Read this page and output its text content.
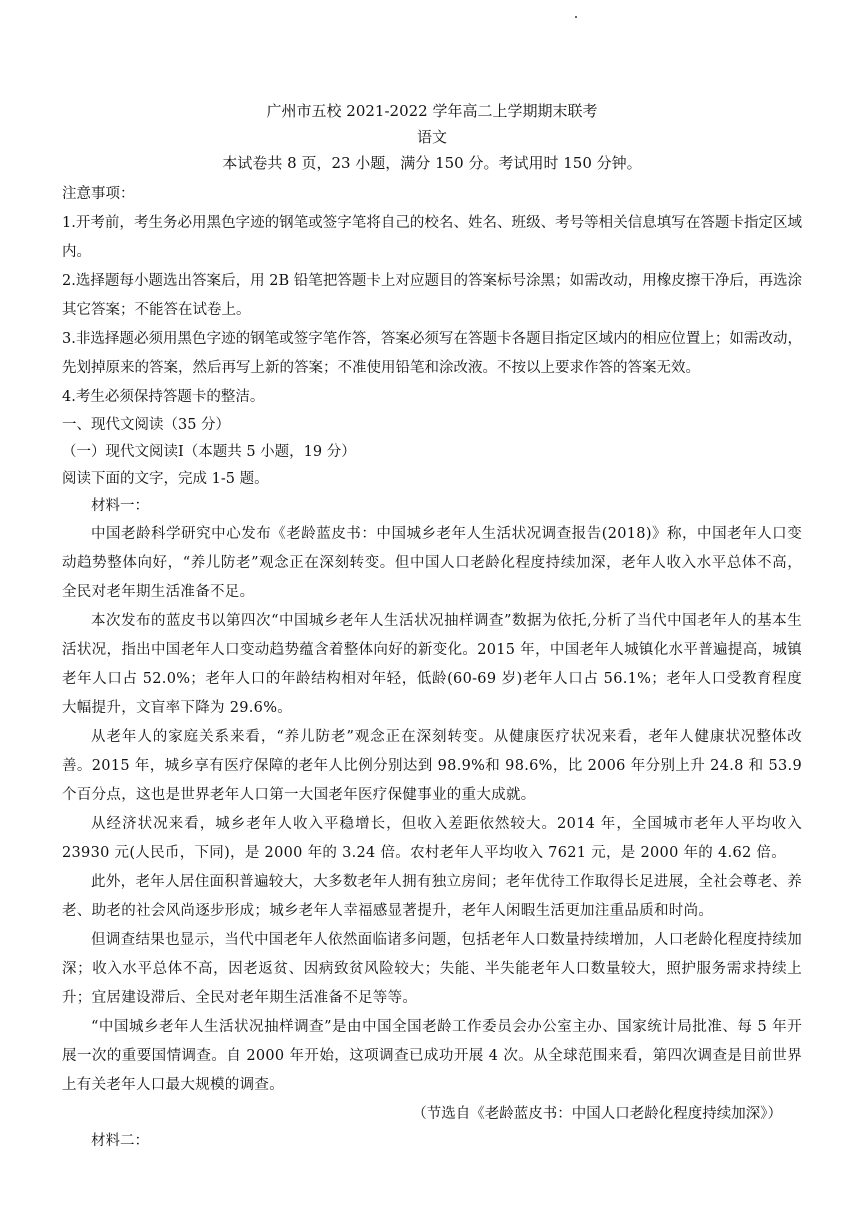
广州市五校 2021-2022 学年高二上学期期末联考
语文
本试卷共 8 页，23 小题，满分 150 分。考试用时 150 分钟。

注意事项：

1.开考前，考生务必用黑色字迹的钢笔或签字笔将自己的校名、姓名、班级、考号等相关信息填写在答题卡指定区域内。

2.选择题每小题选出答案后，用 2B 铅笔把答题卡上对应题目的答案标号涂黑；如需改动，用橡皮擦干净后，再选涂其它答案；不能答在试卷上。

3.非选择题必须用黑色字迹的钢笔或签字笔作答，答案必须写在答题卡各题目指定区域内的相应位置上；如需改动，先划掉原来的答案，然后再写上新的答案；不准使用铅笔和涂改液。不按以上要求作答的答案无效。

4.考生必须保持答题卡的整洁。

一、现代文阅读（35 分）

（一）现代文阅读Ⅰ（本题共 5 小题，19 分）

阅读下面的文字，完成 1-5 题。

材料一：

中国老龄科学研究中心发布《老龄蓝皮书：中国城乡老年人生活状况调查报告(2018)》称，中国老年人口变动趋势整体向好，“养儿防老”观念正在深刻转变。但中国人口老龄化程度持续加深，老年人收入水平总体不高，全民对老年期生活准备不足。

本次发布的蓝皮书以第四次“中国城乡老年人生活状况抽样调查”数据为依托,分析了当代中国老年人的基本生活状况，指出中国老年人口变动趋势蕴含着整体向好的新变化。2015 年，中国老年人城镇化水平普遍提高，城镇老年人口占 52.0%；老年人口的年龄结构相对年轻，低龄(60-69 岁)老年人口占 56.1%；老年人口受教育程度大幅提升，文盲率下降为 29.6%。

从老年人的家庭关系来看，“养儿防老”观念正在深刻转变。从健康医疗状况来看，老年人健康状况整体改善。2015 年，城乡享有医疗保障的老年人比例分别达到 98.9%和 98.6%，比 2006 年分别上升 24.8 和 53.9 个百分点，这也是世界老年人口第一大国老年医疗保健事业的重大成就。

从经济状况来看，城乡老年人收入平稳增长，但收入差距依然较大。2014 年，全国城市老年人平均收入 23930 元(人民币，下同)，是 2000 年的 3.24 倍。农村老年人平均收入 7621 元，是 2000 年的 4.62 倍。

此外，老年人居住面积普遍较大，大多数老年人拥有独立房间；老年优待工作取得长足进展，全社会尊老、养老、助老的社会风尚逐步形成；城乡老年人幸福感显著提升，老年人闲暇生活更加注重品质和时尚。

但调查结果也显示，当代中国老年人依然面临诸多问题，包括老年人口数量持续增加，人口老龄化程度持续加深；收入水平总体不高，因老返贫、因病致贫风险较大；失能、半失能老年人口数量较大，照护服务需求持续上升；宜居建设滞后、全民对老年期生活准备不足等等。

“中国城乡老年人生活状况抽样调查”是由中国全国老龄工作委员会办公室主办、国家统计局批准、每 5 年开展一次的重要国情调查。自 2000 年开始，这项调查已成功开展 4 次。从全球范围来看，第四次调查是目前世界上有关老年人口最大规模的调查。

（节选自《老龄蓝皮书：中国人口老龄化程度持续加深》）

材料二：
